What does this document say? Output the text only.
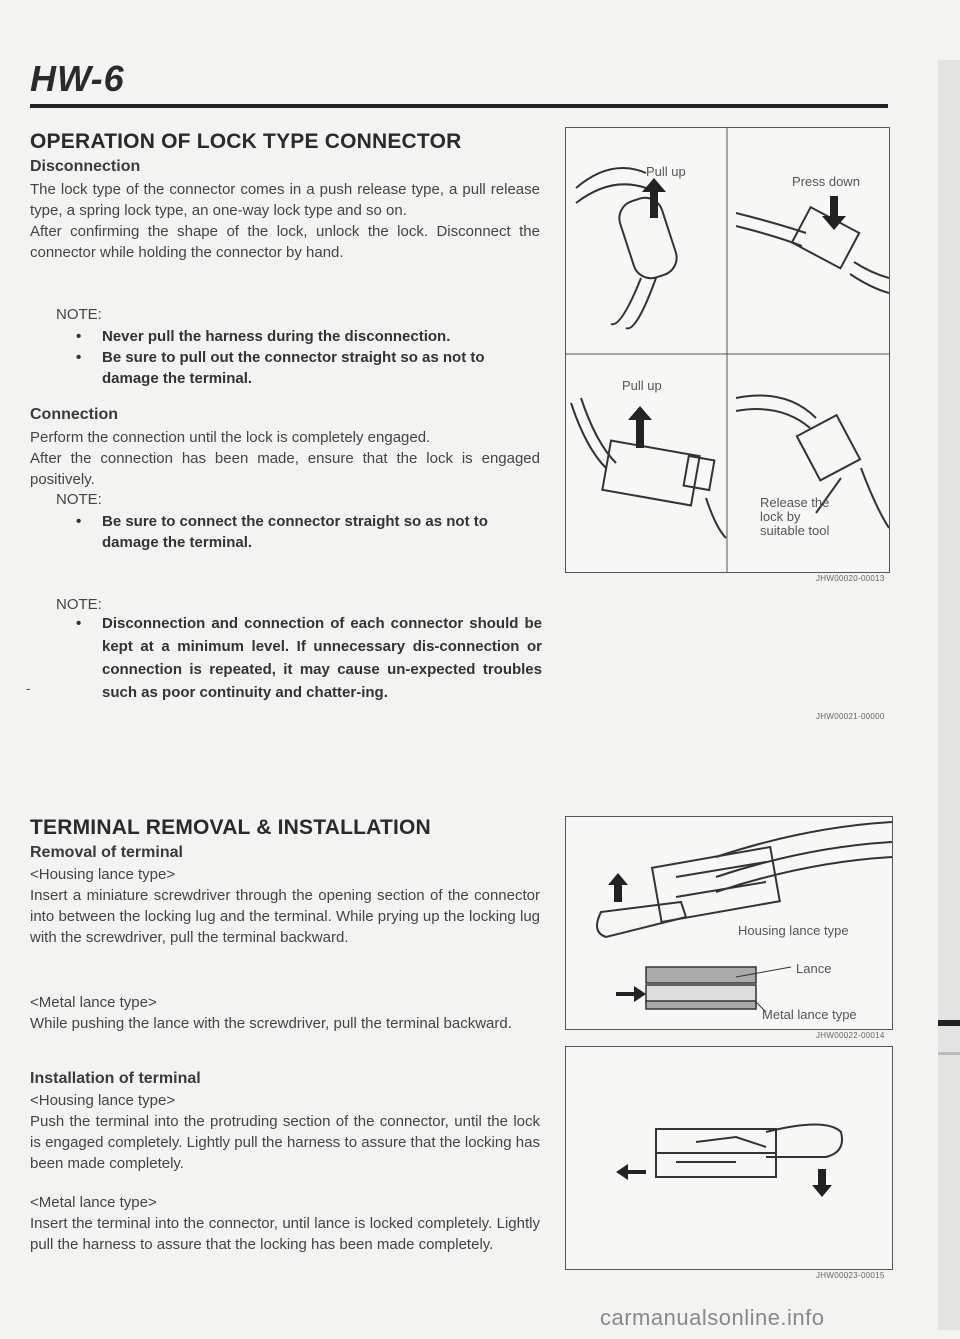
HW-6
-
OPERATION OF LOCK TYPE CONNECTOR
Disconnection

The lock type of the connector comes in a push release type, a pull release type, a spring lock type, an one-way lock type and so on.

After confirming the shape of the lock, unlock the lock. Disconnect the connector while holding the connector by hand.

NOTE:
• Never pull the harness during the disconnection.
• Be sure to pull out the connector straight so as not to damage the terminal.
Connection

Perform the connection until the lock is completely engaged.

After the connection has been made, ensure that the lock is engaged positively.

NOTE:
• Be sure to connect the connector straight so as not to damage the terminal.
NOTE:
• Disconnection and connection of each connector should be kept at a minimum level. If unnecessary dis-connection or connection is repeated, it may cause un-expected troubles such as poor continuity and chatter-ing.
Pull up
Press down
Pull up
Release the lock by suitable tool
JHW00020-00013
JHW00021-00000
TERMINAL REMOVAL & INSTALLATION
Removal of terminal

<Housing lance type>

Insert a miniature screwdriver through the opening section of the connector into between the locking lug and the terminal. While prying up the locking lug with the screwdriver, pull the terminal backward.

<Metal lance type>

While pushing the lance with the screwdriver, pull the terminal backward.

Installation of terminal

<Housing lance type>

Push the terminal into the protruding section of the connector, until the lock is engaged completely. Lightly pull the harness to assure that the locking has been made completely.

<Metal lance type>

Insert the terminal into the connector, until lance is locked completely. Lightly pull the harness to assure that the locking has been made completely.

Housing lance type
Lance
Metal lance type
JHW00022-00014
JHW00023-00015
carmanualsonline.info
